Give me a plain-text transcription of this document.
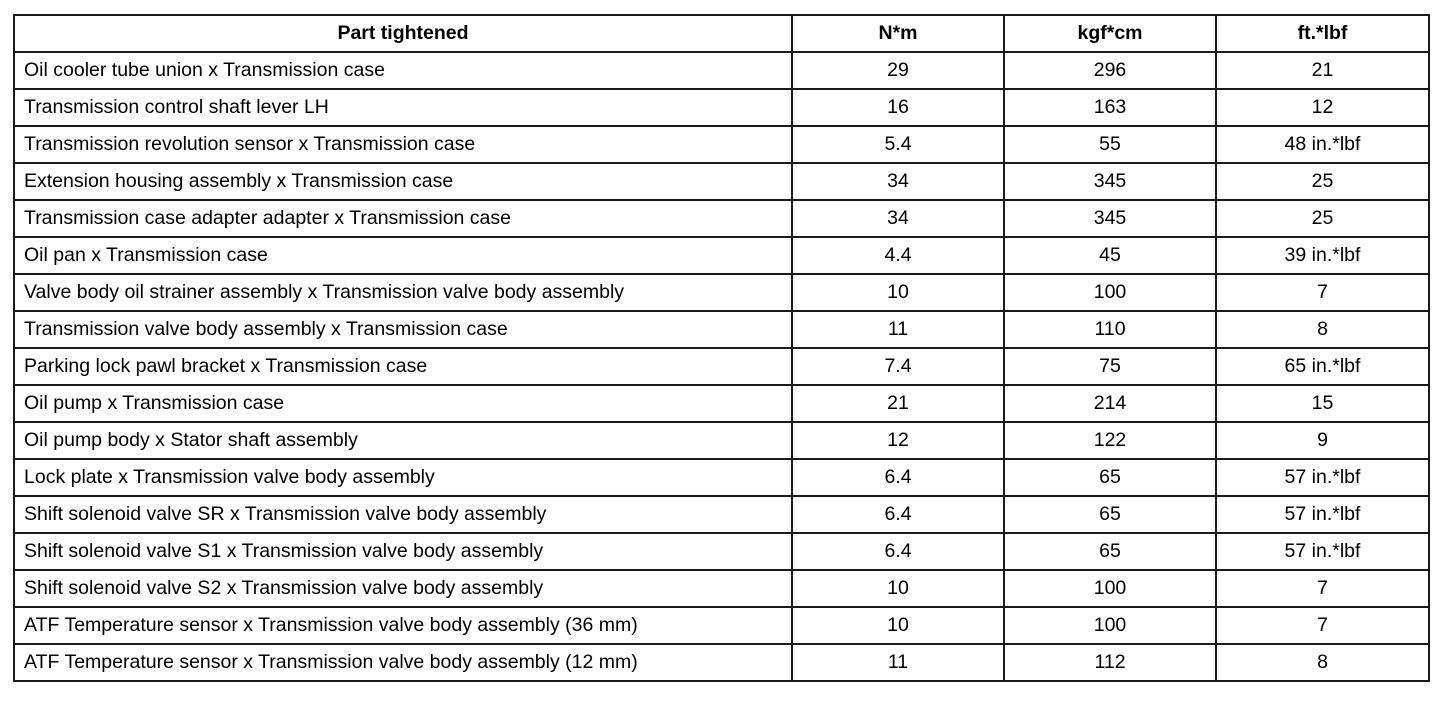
Part tightened	N*m	kgf*cm	ft.*lbf
Oil cooler tube union x Transmission case	29	296	21
Transmission control shaft lever LH	16	163	12
Transmission revolution sensor x Transmission case	5.4	55	48 in.*lbf
Extension housing assembly x Transmission case	34	345	25
Transmission case adapter adapter x Transmission case	34	345	25
Oil pan x Transmission case	4.4	45	39 in.*lbf
Valve body oil strainer assembly x Transmission valve body assembly	10	100	7
Transmission valve body assembly x Transmission case	11	110	8
Parking lock pawl bracket x Transmission case	7.4	75	65 in.*lbf
Oil pump x Transmission case	21	214	15
Oil pump body x Stator shaft assembly	12	122	9
Lock plate x Transmission valve body assembly	6.4	65	57 in.*lbf
Shift solenoid valve SR x Transmission valve body assembly	6.4	65	57 in.*lbf
Shift solenoid valve S1 x Transmission valve body assembly	6.4	65	57 in.*lbf
Shift solenoid valve S2 x Transmission valve body assembly	10	100	7
ATF Temperature sensor x Transmission valve body assembly (36 mm)	10	100	7
ATF Temperature sensor x Transmission valve body assembly (12 mm)	11	112	8
